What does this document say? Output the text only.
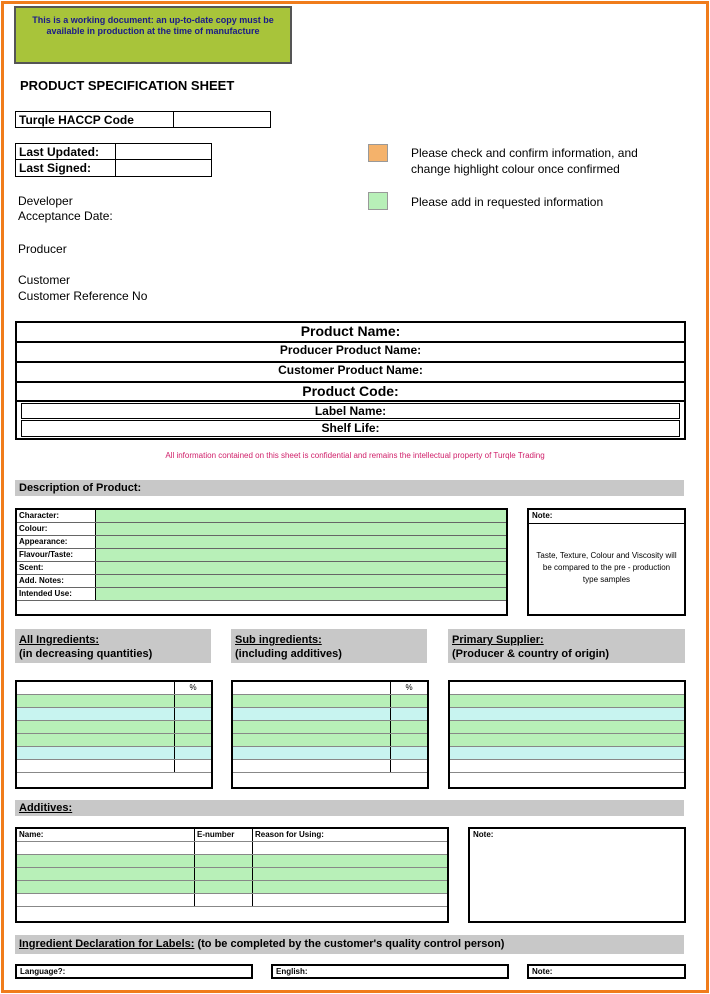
This is a working document: an up-to-date copy must be available in production at the time of manufacture
PRODUCT SPECIFICATION SHEET
Turqle HACCP Code
Last Updated:
Last Signed:
Developer
Acceptance Date:
Producer
Customer
Customer Reference No
Please check and confirm information, and change highlight colour once confirmed
Please add in requested information
Product Name:
Producer Product Name:
Customer Product Name:
Product Code:
Label Name:
Shelf Life:
All information contained on this sheet is confidential and remains the intellectual property of Turqle Trading
Description of Product:
Character:
Colour:
Appearance:
Flavour/Taste:
Scent:
Add. Notes:
Intended Use:
Note:
Taste, Texture, Colour and Viscosity will be compared to the pre - production type samples
All Ingredients:
(in decreasing quantities)
Sub ingredients:
(including additives)
Primary Supplier:
(Producer & country of origin)
%	%
Additives:
Name:	E-number	Reason for Using:	Note:
Ingredient Declaration for Labels: (to be completed by the customer's quality control person)
Language?:	English:	Note:
